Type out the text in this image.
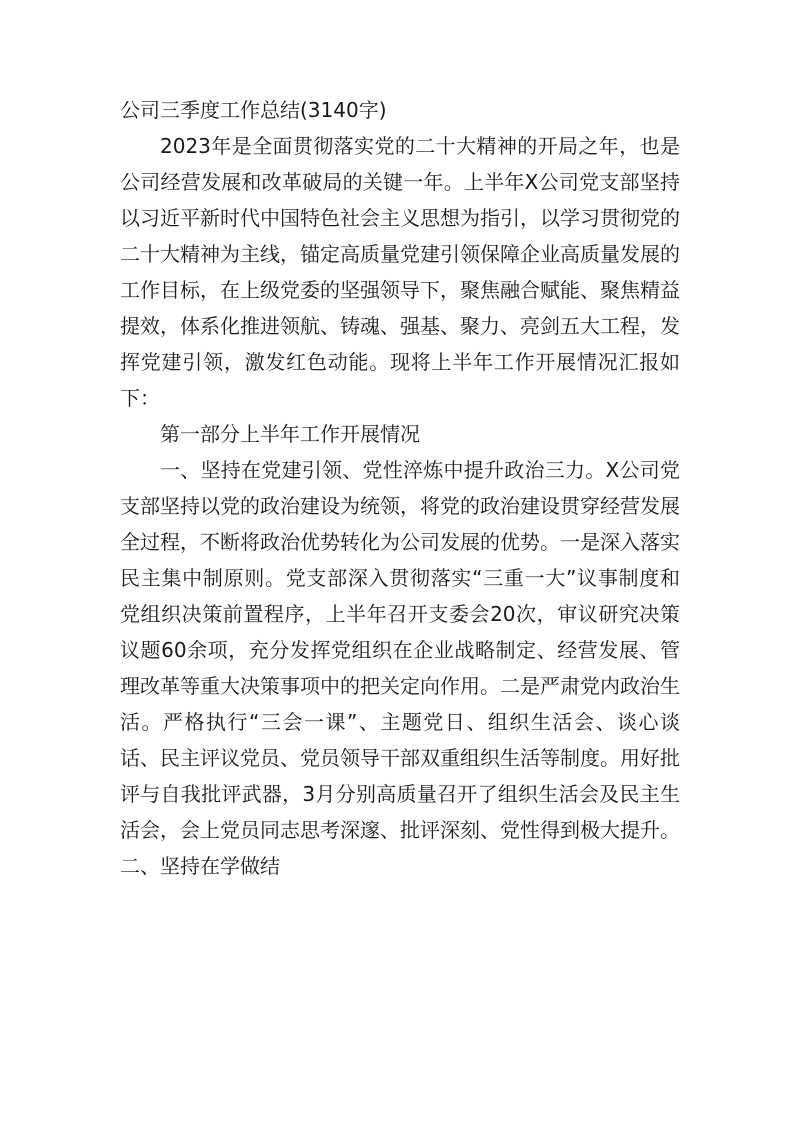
公司三季度工作总结(3140字)

2023年是全面贯彻落实党的二十大精神的开局之年，也是公司经营发展和改革破局的关键一年。上半年X公司党支部坚持以习近平新时代中国特色社会主义思想为指引，以学习贯彻党的二十大精神为主线，锚定高质量党建引领保障企业高质量发展的工作目标，在上级党委的坚强领导下，聚焦融合赋能、聚焦精益提效，体系化推进领航、铸魂、强基、聚力、亮剑五大工程，发挥党建引领，激发红色动能。现将上半年工作开展情况汇报如下：

第一部分上半年工作开展情况

一、坚持在党建引领、党性淬炼中提升政治三力。X公司党支部坚持以党的政治建设为统领，将党的政治建设贯穿经营发展全过程，不断将政治优势转化为公司发展的优势。一是深入落实民主集中制原则。党支部深入贯彻落实“三重一大”议事制度和党组织决策前置程序，上半年召开支委会20次，审议研究决策议题60余项，充分发挥党组织在企业战略制定、经营发展、管理改革等重大决策事项中的把关定向作用。二是严肃党内政治生活。严格执行“三会一课”、主题党日、组织生活会、谈心谈话、民主评议党员、党员领导干部双重组织生活等制度。用好批评与自我批评武器，3月分别高质量召开了组织生活会及民主生活会，会上党员同志思考深邃、批评深刻、党性得到极大提升。二、坚持在学做结
